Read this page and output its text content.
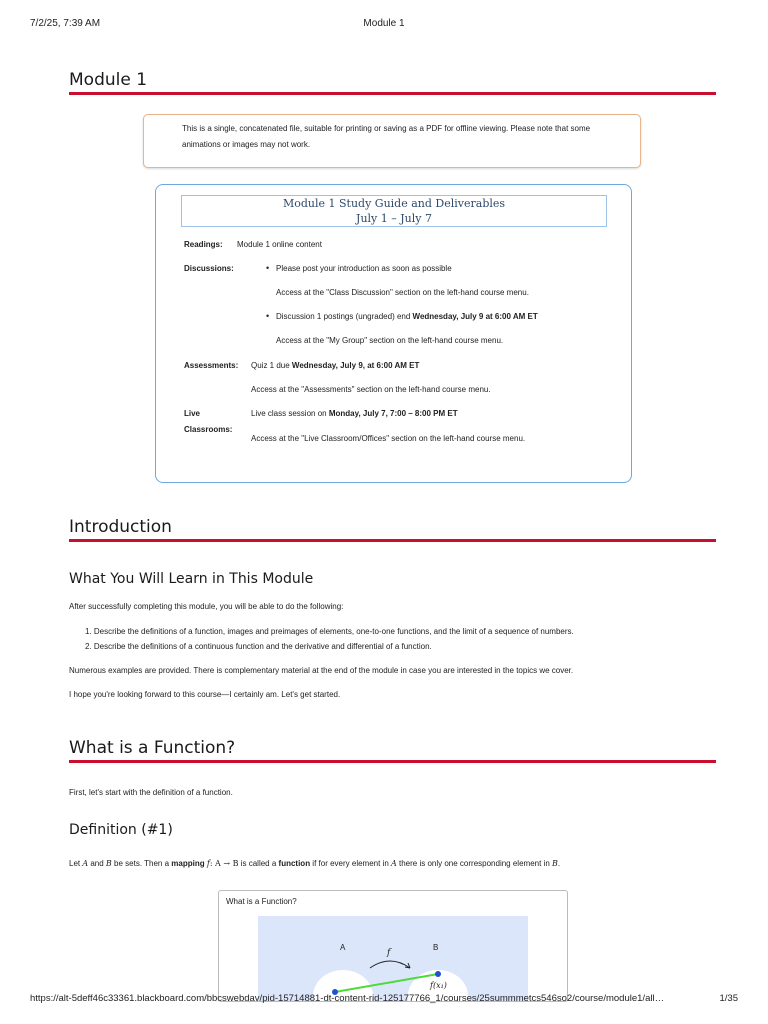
7/2/25, 7:39 AM	Module 1
Module 1
This is a single, concatenated file, suitable for printing or saving as a PDF for offline viewing. Please note that some
animations or images may not work.
Module 1 Study Guide and Deliverables
July 1 – July 7
Readings: Module 1 online content
Discussions:	• Please post your introduction as soon as possible
Access at the "Class Discussion" section on the left-hand course menu.
• Discussion 1 postings (ungraded) end Wednesday, July 9 at 6:00 AM ET
Access at the "My Group" section on the left-hand course menu.
Assessments: Quiz 1 due Wednesday, July 9, at 6:00 AM ET
Access at the "Assessments" section on the left-hand course menu.
Live
Classrooms:
Live class session on Monday, July 7, 7:00 – 8:00 PM ET
Access at the "Live Classroom/Offices" section on the left-hand course menu.
Introduction
What You Will Learn in This Module
After successfully completing this module, you will be able to do the following:
1. Describe the definitions of a function, images and preimages of elements, one-to-one functions, and the limit of a sequence of numbers.
2. Describe the definitions of a continuous function and the derivative and differential of a function.
Numerous examples are provided. There is complementary material at the end of the module in case you are interested in the topics we cover.
I hope you're looking forward to this course—I certainly am. Let's get started.
What is a Function?
First, let's start with the definition of a function.
Definition (#1)
Let A and B be sets. Then a mapping f: A → B is called a function if for every element in A there is only one corresponding element in B.
What is a Function?
A	B
f
f(x₁)
https://alt-5deff46c33361.blackboard.com/bbcswebdav/pid-15714881-dt-content-rid-125177766_1/courses/25summmetcs546so2/course/module1/all…	1/35
